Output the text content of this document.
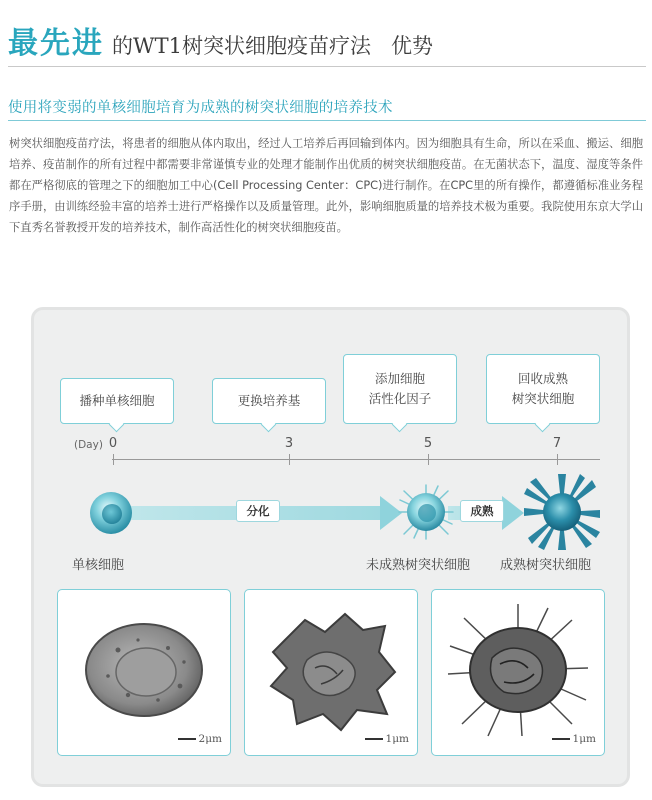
最先进 的WT1树突状细胞疫苗疗法 优势
使用将变弱的单核细胞培育为成熟的树突状细胞的培养技术

树突状细胞疫苗疗法，将患者的细胞从体内取出，经过人工培养后再回输到体内。因为细胞具有生命，所以在采血、搬运、细胞培养、疫苗制作的所有过程中都需要非常谨慎专业的处理才能制作出优质的树突状细胞疫苗。在无菌状态下，温度、湿度等条件都在严格彻底的管理之下的细胞加工中心(Cell Processing Center：CPC)进行制作。在CPC里的所有操作，都遵循标准业务程序手册，由训练经验丰富的培养士进行严格操作以及质量管理。此外，影响细胞质量的培养技术极为重要。我院使用东京大学山下直秀名誉教授开发的培养技术，制作高活性化的树突状细胞疫苗。

播种单核细胞	更换培养基
添加细胞
活性化因子
回收成熟
树突状细胞
(Day) 0	3	5	7
分化	成熟
单核细胞	未成熟树突状细胞 成熟树突状细胞
2μm	1μm	1μm
